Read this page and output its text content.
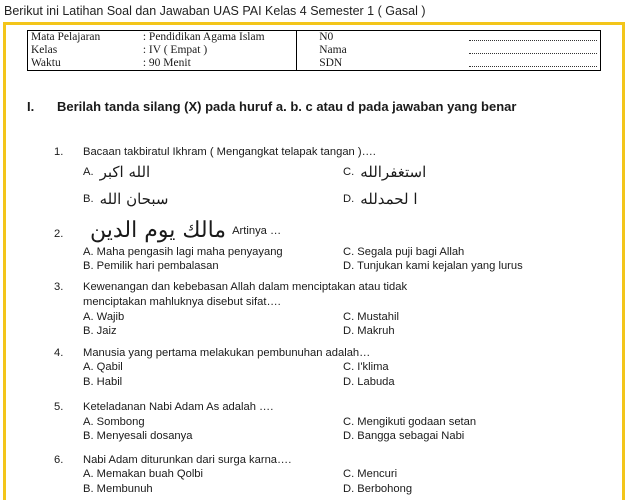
Berikut ini Latihan Soal dan Jawaban UAS PAI Kelas 4 Semester 1 ( Gasal )
Mata Pelajaran	: Pendidikan Agama Islam	N0	
Kelas	: IV ( Empat )	Nama	
Waktu	: 90 Menit	SDN	
I. Berilah tanda silang (X) pada huruf a. b. c atau d pada jawaban yang benar
1. Bacaan takbiratul Ikhram ( Mengangkat telapak tangan )….
A. الله اكبر	C. استغفرالله
B. سبحان الله	D. ا لحمدلله
2. مالك يوم الدين Artinya …
A. Maha pengasih lagi maha penyayang	C. Segala puji bagi Allah
B. Pemilik hari pembalasan	D. Tunjukan kami kejalan yang lurus
3. Kewenangan dan kebebasan Allah dalam menciptakan atau tidak
menciptakan mahluknya disebut sifat….
A. Wajib	C. Mustahil
B. Jaiz	D. Makruh
4. Manusia yang pertama melakukan pembunuhan adalah…
A. Qabil	C. I'klima
B. Habil	D. Labuda
5. Keteladanan Nabi Adam As adalah ….
A. Sombong	C. Mengikuti godaan setan
B. Menyesali dosanya	D. Bangga sebagai Nabi
6. Nabi Adam diturunkan dari surga karna….
A. Memakan buah Qolbi	C. Mencuri
B. Membunuh	D. Berbohong
